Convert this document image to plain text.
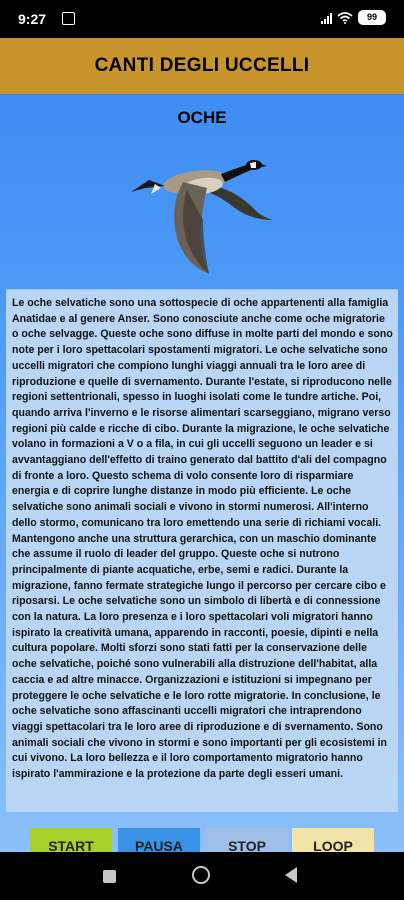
9:27	99
CANTI DEGLI UCCELLI
OCHE

Le oche selvatiche sono una sottospecie di oche appartenenti alla famiglia Anatidae e al genere Anser. Sono conosciute anche come oche migratorie o oche selvagge. Queste oche sono diffuse in molte parti del mondo e sono note per i loro spettacolari spostamenti migratori. Le oche selvatiche sono uccelli migratori che compiono lunghi viaggi annuali tra le loro aree di riproduzione e quelle di svernamento. Durante l'estate, si riproducono nelle regioni settentrionali, spesso in luoghi isolati come le tundre artiche. Poi, quando arriva l'inverno e le risorse alimentari scarseggiano, migrano verso regioni più calde e ricche di cibo. Durante la migrazione, le oche selvatiche volano in formazioni a V o a fila, in cui gli uccelli seguono un leader e si avvantaggiano dell'effetto di traino generato dal battito d'ali del compagno di fronte a loro. Questo schema di volo consente loro di risparmiare energia e di coprire lunghe distanze in modo più efficiente. Le oche selvatiche sono animali sociali e vivono in stormi numerosi. All'interno dello stormo, comunicano tra loro emettendo una serie di richiami vocali. Mantengono anche una struttura gerarchica, con un maschio dominante che assume il ruolo di leader del gruppo. Queste oche si nutrono principalmente di piante acquatiche, erbe, semi e radici. Durante la migrazione, fanno fermate strategiche lungo il percorso per cercare cibo e riposarsi. Le oche selvatiche sono un simbolo di libertà e di connessione con la natura. La loro presenza e i loro spettacolari voli migratori hanno ispirato la creatività umana, apparendo in racconti, poesie, dipinti e nella cultura popolare. Molti sforzi sono stati fatti per la conservazione delle oche selvatiche, poiché sono vulnerabili alla distruzione dell'habitat, alla caccia e ad altre minacce. Organizzazioni e istituzioni si impegnano per proteggere le oche selvatiche e le loro rotte migratorie. In conclusione, le oche selvatiche sono affascinanti uccelli migratori che intraprendono viaggi spettacolari tra le loro aree di riproduzione e di svernamento. Sono animali sociali che vivono in stormi e sono importanti per gli ecosistemi in cui vivono. La loro bellezza e il loro comportamento migratorio hanno ispirato l'ammirazione e la protezione da parte degli esseri umani.

START	PAUSA	STOP	LOOP
